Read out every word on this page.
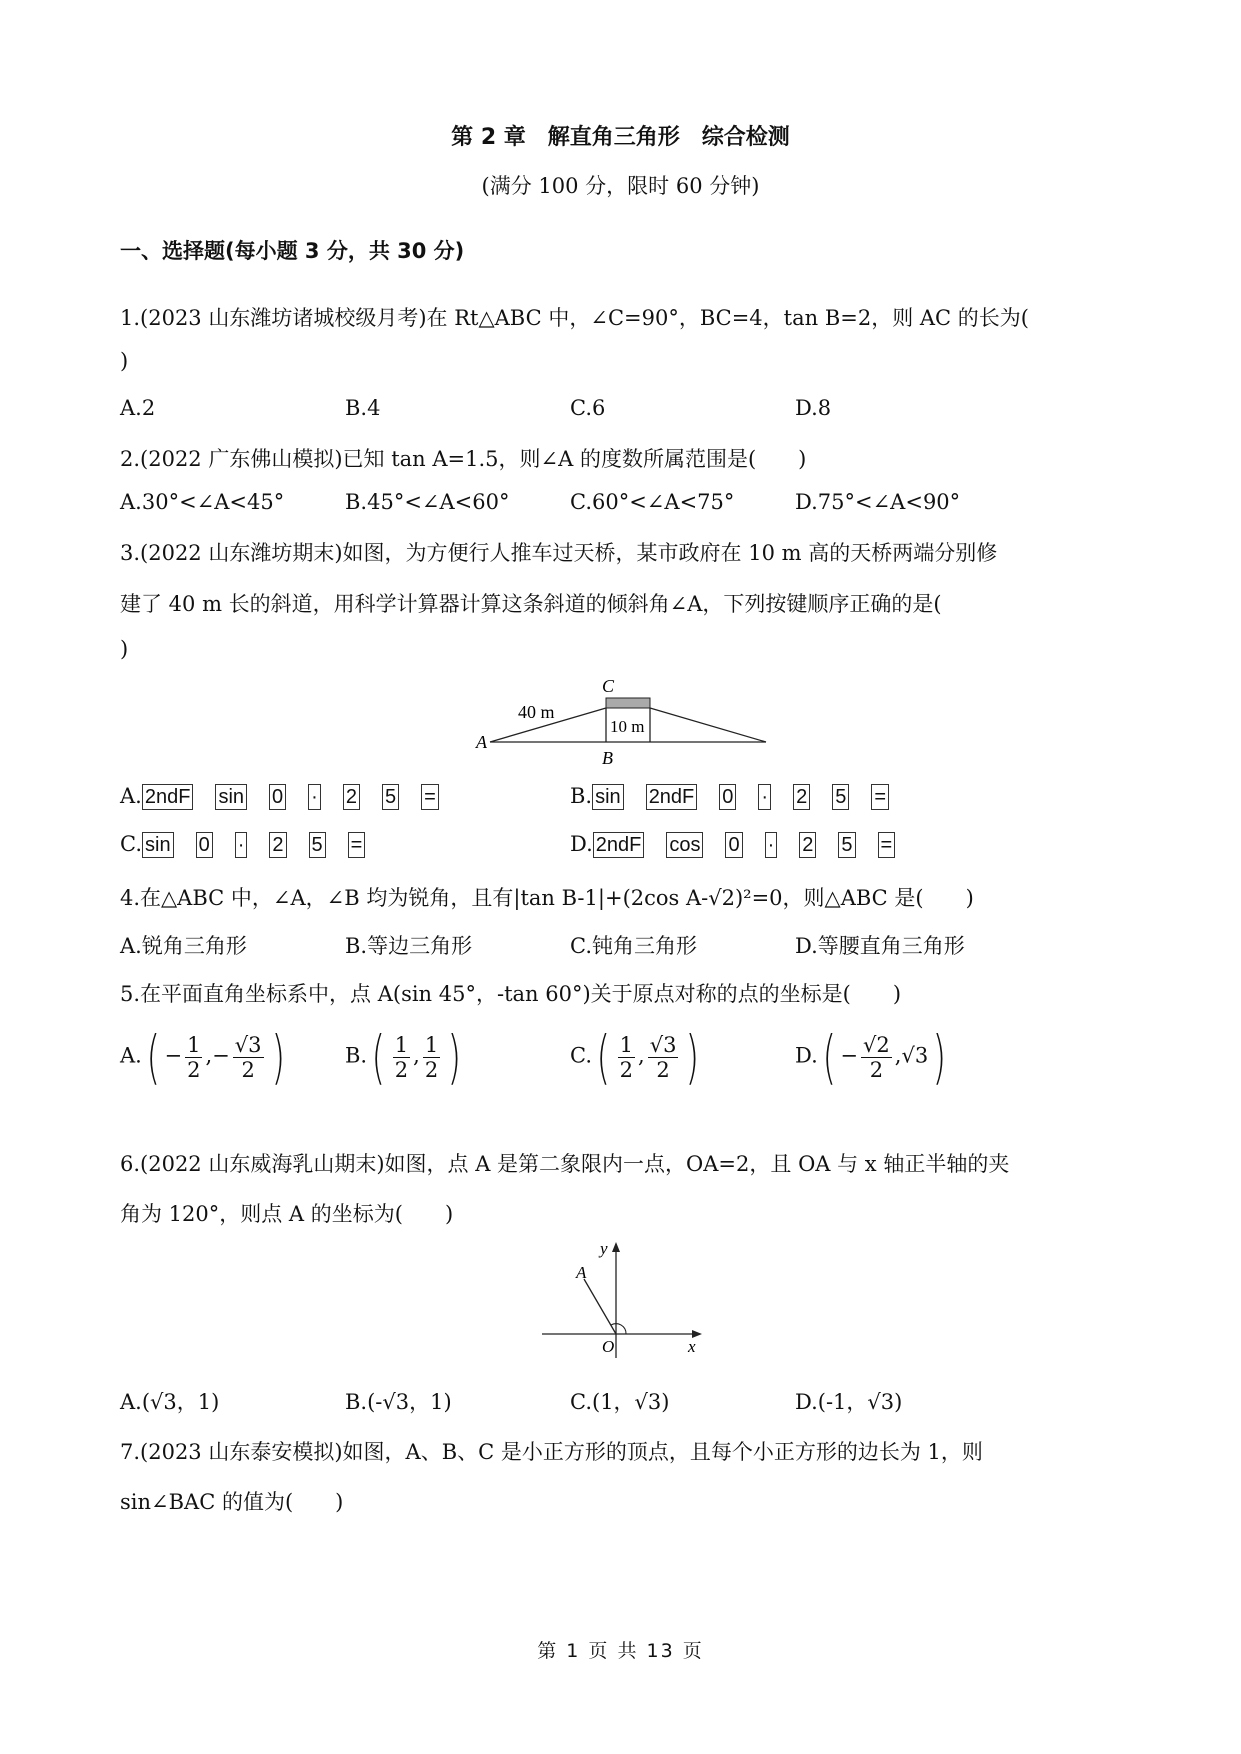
第 2 章　解直角三角形　综合检测
(满分 100 分，限时 60 分钟)
一、选择题(每小题 3 分，共 30 分)
1.(2023 山东潍坊诸城校级月考)在 Rt△ABC 中，∠C=90°，BC=4，tan B=2，则 AC 的长为(
)
A.2	B.4	C.6	D.8
2.(2022 广东佛山模拟)已知 tan A=1.5，则∠A 的度数所属范围是(　　)
A.30°<∠A<45°	B.45°<∠A<60°	C.60°<∠A<75°	D.75°<∠A<90°
3.(2022 山东潍坊期末)如图，为方便行人推车过天桥，某市政府在 10 m 高的天桥两端分别修
建了 40 m 长的斜道，用科学计算器计算这条斜道的倾斜角∠A，下列按键顺序正确的是(
)
C
A
B
40 m
10 m
A. 2ndF sin 0 · 2 5 =	B. sin 2ndF 0 · 2 5 =
C. sin 0 · 2 5 =	D. 2ndF cos 0 · 2 5 =
4.在△ABC 中，∠A，∠B 均为锐角，且有|tan B-1|+(2cos A-√2)²=0，则△ABC 是(　　)
A.锐角三角形	B.等边三角形	C.钝角三角形	D.等腰直角三角形
5.在平面直角坐标系中，点 A(sin 45°，-tan 60°)关于原点对称的点的坐标是(　　)
$A.( - \frac{1}{2}$ ,− $\frac{√3}{2}$ )	$B.( \frac{1}{2}$ , $\frac{1}{2}$ )	$C.( \frac{1}{2}$ , $\frac{√3}{2}$ )	$D.( - \frac{√2}{2} ,√3)$
6.(2022 山东威海乳山期末)如图，点 A 是第二象限内一点，OA=2，且 OA 与 x 轴正半轴的夹
角为 120°，则点 A 的坐标为(　　)
y
x
O
A
A.(√3，1)	B.(-√3，1)	C.(1，√3)	D.(-1，√3)
7.(2023 山东泰安模拟)如图，A、B、C 是小正方形的顶点，且每个小正方形的边长为 1，则
sin∠BAC 的值为(　　)
第 1 页 共 13 页
